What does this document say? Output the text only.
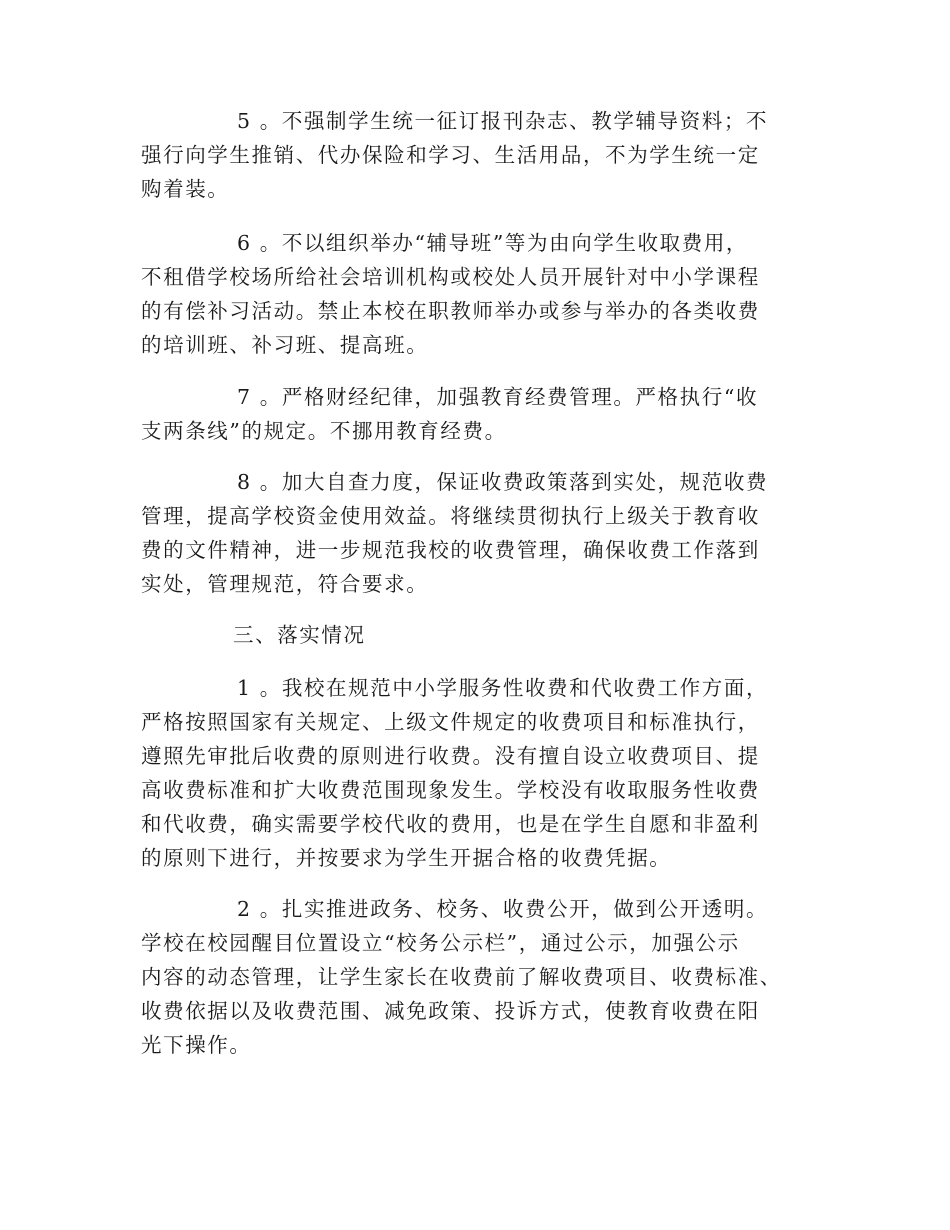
5 。不强制学生统一征订报刊杂志、教学辅导资料；不
强行向学生推销、代办保险和学习、生活用品，不为学生统一定
购着装。
6 。不以组织举办“辅导班”等为由向学生收取费用，
不租借学校场所给社会培训机构或校处人员开展针对中小学课程
的有偿补习活动。禁止本校在职教师举办或参与举办的各类收费
的培训班、补习班、提高班。
7 。严格财经纪律，加强教育经费管理。严格执行“收
支两条线”的规定。不挪用教育经费。
8 。加大自查力度，保证收费政策落到实处，规范收费
管理，提高学校资金使用效益。将继续贯彻执行上级关于教育收
费的文件精神，进一步规范我校的收费管理，确保收费工作落到
实处，管理规范，符合要求。
三、落实情况
1 。我校在规范中小学服务性收费和代收费工作方面，
严格按照国家有关规定、上级文件规定的收费项目和标准执行，
遵照先审批后收费的原则进行收费。没有擅自设立收费项目、提
高收费标准和扩大收费范围现象发生。学校没有收取服务性收费
和代收费，确实需要学校代收的费用，也是在学生自愿和非盈利
的原则下进行，并按要求为学生开据合格的收费凭据。
2 。扎实推进政务、校务、收费公开，做到公开透明。
学校在校园醒目位置设立“校务公示栏”，通过公示，加强公示
内容的动态管理，让学生家长在收费前了解收费项目、收费标准、
收费依据以及收费范围、减免政策、投诉方式，使教育收费在阳
光下操作。
